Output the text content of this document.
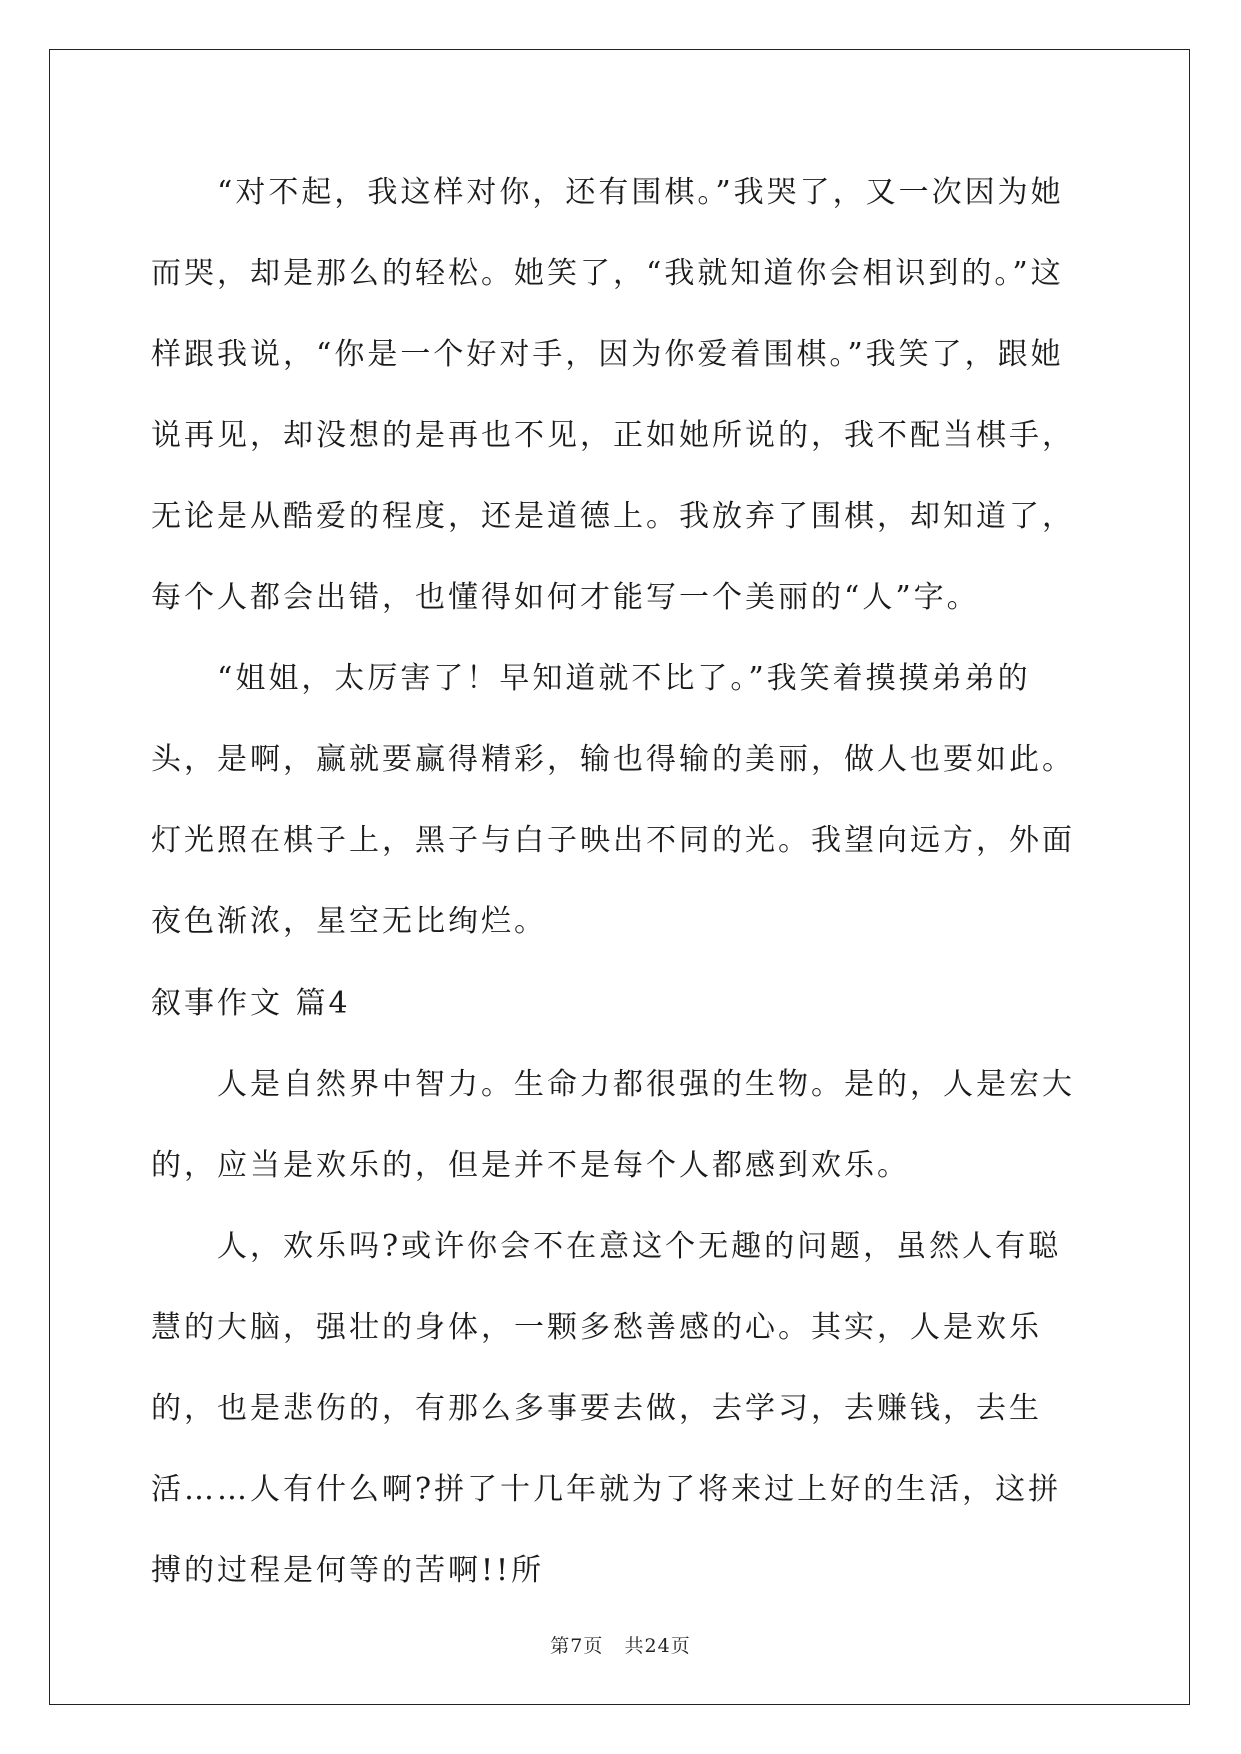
“对不起，我这样对你，还有围棋。”我哭了，又一次因为她而哭，却是那么的轻松。她笑了，“我就知道你会相识到的。”这样跟我说，“你是一个好对手，因为你爱着围棋。”我笑了，跟她说再见，却没想的是再也不见，正如她所说的，我不配当棋手，无论是从酷爱的程度，还是道德上。我放弃了围棋，却知道了，每个人都会出错，也懂得如何才能写一个美丽的“人”字。

“姐姐，太厉害了！早知道就不比了。”我笑着摸摸弟弟的头，是啊，赢就要赢得精彩，输也得输的美丽，做人也要如此。灯光照在棋子上，黑子与白子映出不同的光。我望向远方，外面夜色渐浓，星空无比绚烂。

叙事作文 篇4

人是自然界中智力。生命力都很强的生物。是的，人是宏大的，应当是欢乐的，但是并不是每个人都感到欢乐。

人，欢乐吗?或许你会不在意这个无趣的问题，虽然人有聪慧的大脑，强壮的身体，一颗多愁善感的心。其实，人是欢乐的，也是悲伤的，有那么多事要去做，去学习，去赚钱，去生活……人有什么啊?拼了十几年就为了将来过上好的生活，这拼搏的过程是何等的苦啊!!所

第7页 共24页
